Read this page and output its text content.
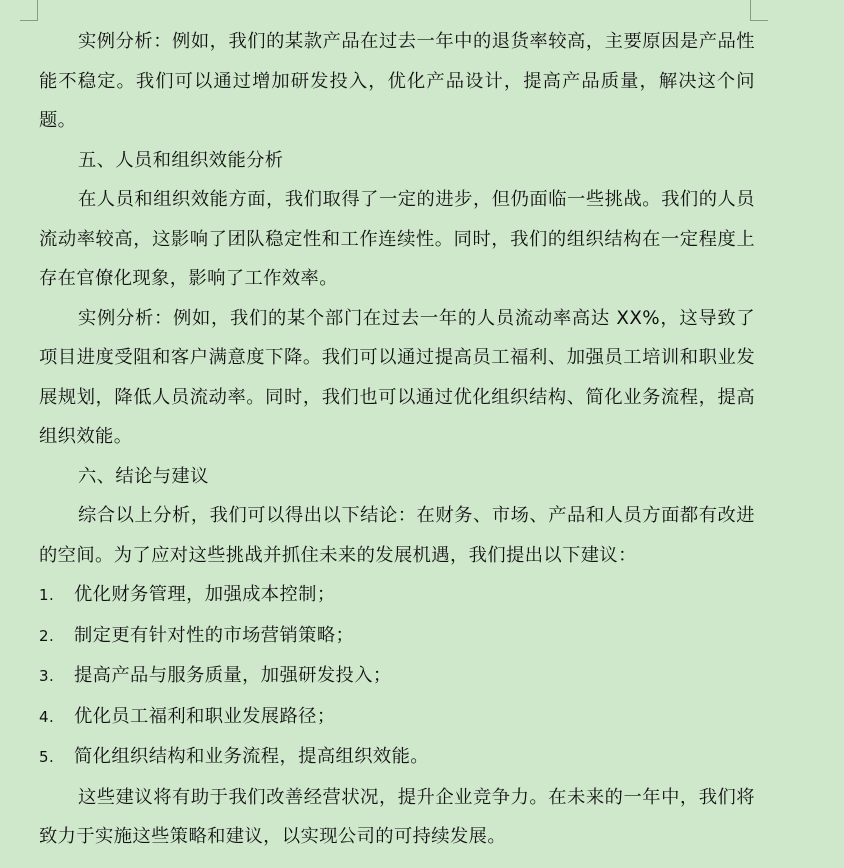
实例分析：例如，我们的某款产品在过去一年中的退货率较高，主要原因是产品性能不稳定。我们可以通过增加研发投入，优化产品设计，提高产品质量，解决这个问题。

五、人员和组织效能分析

在人员和组织效能方面，我们取得了一定的进步，但仍面临一些挑战。我们的人员流动率较高，这影响了团队稳定性和工作连续性。同时，我们的组织结构在一定程度上存在官僚化现象，影响了工作效率。

实例分析：例如，我们的某个部门在过去一年的人员流动率高达 XX%，这导致了项目进度受阻和客户满意度下降。我们可以通过提高员工福利、加强员工培训和职业发展规划，降低人员流动率。同时，我们也可以通过优化组织结构、简化业务流程，提高组织效能。

六、结论与建议

综合以上分析，我们可以得出以下结论：在财务、市场、产品和人员方面都有改进的空间。为了应对这些挑战并抓住未来的发展机遇，我们提出以下建议：

1.	优化财务管理，加强成本控制；
2.	制定更有针对性的市场营销策略；
3.	提高产品与服务质量，加强研发投入；
4.	优化员工福利和职业发展路径；
5.	简化组织结构和业务流程，提高组织效能。

这些建议将有助于我们改善经营状况，提升企业竞争力。在未来的一年中，我们将致力于实施这些策略和建议，以实现公司的可持续发展。
